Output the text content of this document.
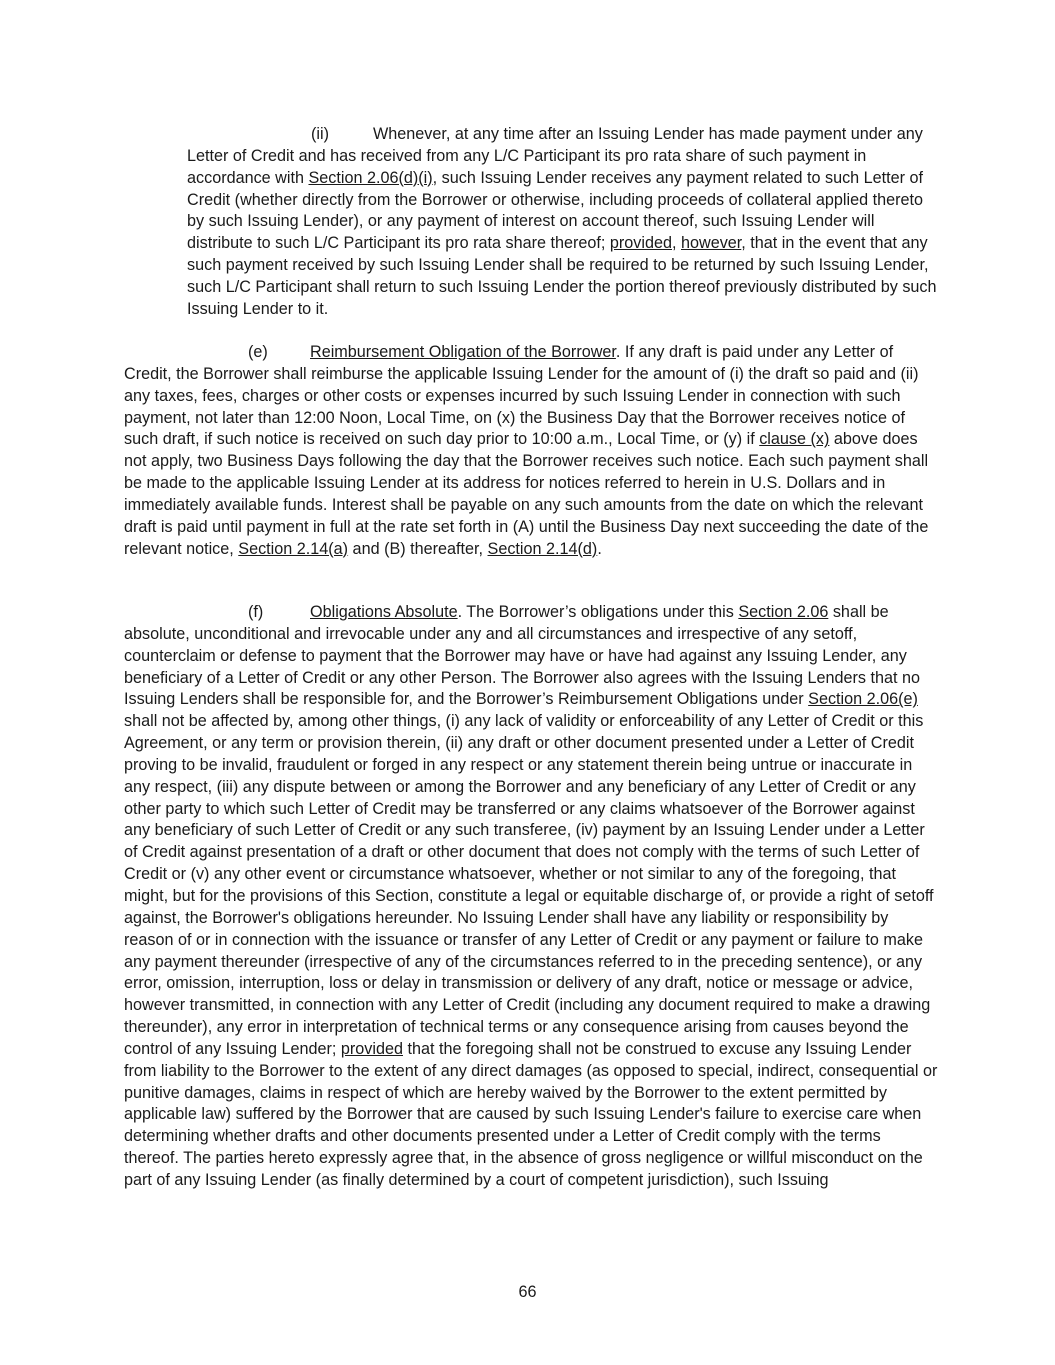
(ii)	Whenever, at any time after an Issuing Lender has made payment under any Letter of Credit and has received from any L/C Participant its pro rata share of such payment in accordance with Section 2.06(d)(i), such Issuing Lender receives any payment related to such Letter of Credit (whether directly from the Borrower or otherwise, including proceeds of collateral applied thereto by such Issuing Lender), or any payment of interest on account thereof, such Issuing Lender will distribute to such L/C Participant its pro rata share thereof; provided, however, that in the event that any such payment received by such Issuing Lender shall be required to be returned by such Issuing Lender, such L/C Participant shall return to such Issuing Lender the portion thereof previously distributed by such Issuing Lender to it.
(e)	Reimbursement Obligation of the Borrower. If any draft is paid under any Letter of Credit, the Borrower shall reimburse the applicable Issuing Lender for the amount of (i) the draft so paid and (ii) any taxes, fees, charges or other costs or expenses incurred by such Issuing Lender in connection with such payment, not later than 12:00 Noon, Local Time, on (x) the Business Day that the Borrower receives notice of such draft, if such notice is received on such day prior to 10:00 a.m., Local Time, or (y) if clause (x) above does not apply, two Business Days following the day that the Borrower receives such notice. Each such payment shall be made to the applicable Issuing Lender at its address for notices referred to herein in U.S. Dollars and in immediately available funds. Interest shall be payable on any such amounts from the date on which the relevant draft is paid until payment in full at the rate set forth in (A) until the Business Day next succeeding the date of the relevant notice, Section 2.14(a) and (B) thereafter, Section 2.14(d).
(f)	Obligations Absolute. The Borrower’s obligations under this Section 2.06 shall be absolute, unconditional and irrevocable under any and all circumstances and irrespective of any setoff, counterclaim or defense to payment that the Borrower may have or have had against any Issuing Lender, any beneficiary of a Letter of Credit or any other Person. The Borrower also agrees with the Issuing Lenders that no Issuing Lenders shall be responsible for, and the Borrower’s Reimbursement Obligations under Section 2.06(e) shall not be affected by, among other things, (i) any lack of validity or enforceability of any Letter of Credit or this Agreement, or any term or provision therein, (ii) any draft or other document presented under a Letter of Credit proving to be invalid, fraudulent or forged in any respect or any statement therein being untrue or inaccurate in any respect, (iii) any dispute between or among the Borrower and any beneficiary of any Letter of Credit or any other party to which such Letter of Credit may be transferred or any claims whatsoever of the Borrower against any beneficiary of such Letter of Credit or any such transferee, (iv) payment by an Issuing Lender under a Letter of Credit against presentation of a draft or other document that does not comply with the terms of such Letter of Credit or (v) any other event or circumstance whatsoever, whether or not similar to any of the foregoing, that might, but for the provisions of this Section, constitute a legal or equitable discharge of, or provide a right of setoff against, the Borrower's obligations hereunder. No Issuing Lender shall have any liability or responsibility by reason of or in connection with the issuance or transfer of any Letter of Credit or any payment or failure to make any payment thereunder (irrespective of any of the circumstances referred to in the preceding sentence), or any error, omission, interruption, loss or delay in transmission or delivery of any draft, notice or message or advice, however transmitted, in connection with any Letter of Credit (including any document required to make a drawing thereunder), any error in interpretation of technical terms or any consequence arising from causes beyond the control of any Issuing Lender; provided that the foregoing shall not be construed to excuse any Issuing Lender from liability to the Borrower to the extent of any direct damages (as opposed to special, indirect, consequential or punitive damages, claims in respect of which are hereby waived by the Borrower to the extent permitted by applicable law) suffered by the Borrower that are caused by such Issuing Lender's failure to exercise care when determining whether drafts and other documents presented under a Letter of Credit comply with the terms thereof. The parties hereto expressly agree that, in the absence of gross negligence or willful misconduct on the part of any Issuing Lender (as finally determined by a court of competent jurisdiction), such Issuing
66
